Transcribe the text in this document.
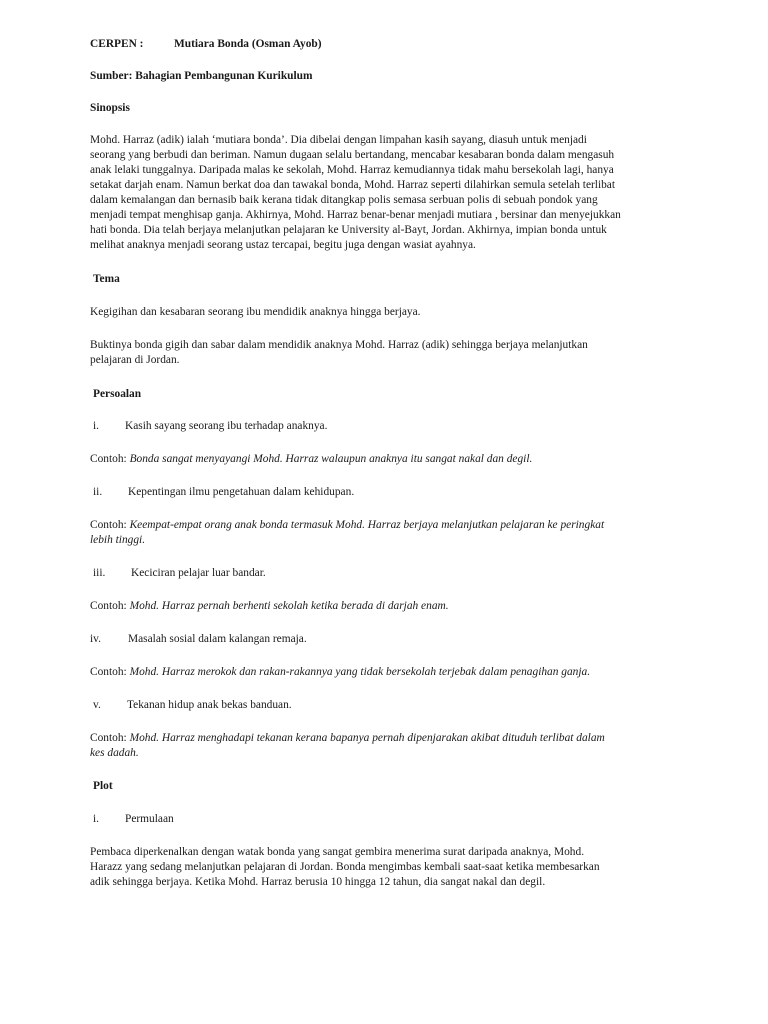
CERPEN :	Mutiara Bonda (Osman Ayob)
Sumber: Bahagian Pembangunan Kurikulum
Sinopsis
Mohd. Harraz (adik) ialah ‘mutiara bonda’. Dia dibelai dengan limpahan kasih sayang, diasuh untuk menjadi
seorang yang berbudi dan beriman. Namun dugaan selalu bertandang, mencabar kesabaran bonda dalam mengasuh
anak lelaki tunggalnya. Daripada malas ke sekolah, Mohd. Harraz kemudiannya tidak mahu bersekolah lagi, hanya
setakat darjah enam. Namun berkat doa dan tawakal bonda, Mohd. Harraz seperti dilahirkan semula setelah terlibat
dalam kemalangan dan bernasib baik kerana tidak ditangkap polis semasa serbuan polis di sebuah pondok yang
menjadi tempat menghisap ganja. Akhirnya, Mohd. Harraz benar-benar menjadi mutiara , bersinar dan menyejukkan
hati bonda. Dia telah berjaya melanjutkan pelajaran ke University al-Bayt, Jordan. Akhirnya, impian bonda untuk
melihat anaknya menjadi seorang ustaz tercapai, begitu juga dengan wasiat ayahnya.
Tema
Kegigihan dan kesabaran seorang ibu mendidik anaknya hingga berjaya.
Buktinya bonda gigih dan sabar dalam mendidik anaknya Mohd. Harraz (adik) sehingga berjaya melanjutkan
pelajaran di Jordan.
Persoalan
i. Kasih sayang seorang ibu terhadap anaknya.
Contoh: Bonda sangat menyayangi Mohd. Harraz walaupun anaknya itu sangat nakal dan degil.
ii. Kepentingan ilmu pengetahuan dalam kehidupan.
Contoh: Keempat-empat orang anak bonda termasuk Mohd. Harraz berjaya melanjutkan pelajaran ke peringkat
lebih tinggi.
iii. Keciciran pelajar luar bandar.
Contoh: Mohd. Harraz pernah berhenti sekolah ketika berada di darjah enam.
iv. Masalah sosial dalam kalangan remaja.
Contoh: Mohd. Harraz merokok dan rakan-rakannya yang tidak bersekolah terjebak dalam penagihan ganja.
v. Tekanan hidup anak bekas banduan.
Contoh: Mohd. Harraz menghadapi tekanan kerana bapanya pernah dipenjarakan akibat dituduh terlibat dalam
kes dadah.
Plot
i. Permulaan
Pembaca diperkenalkan dengan watak bonda yang sangat gembira menerima surat daripada anaknya, Mohd.
Harazz yang sedang melanjutkan pelajaran di Jordan. Bonda mengimbas kembali saat-saat ketika membesarkan
adik sehingga berjaya. Ketika Mohd. Harraz berusia 10 hingga 12 tahun, dia sangat nakal dan degil.
